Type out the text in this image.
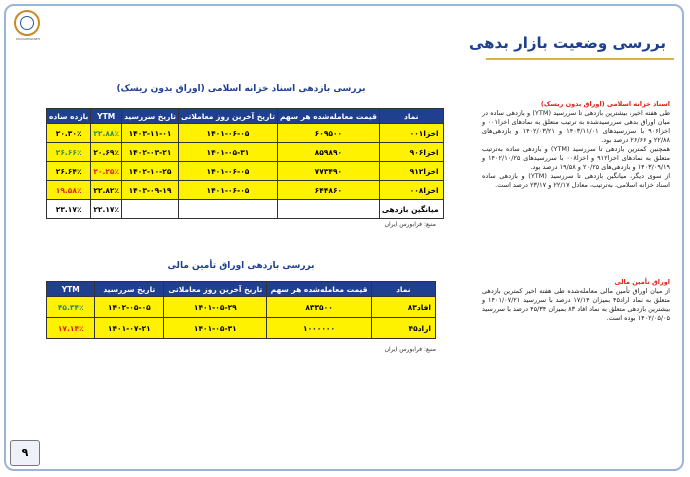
KHAVARMIANEH	بررسی وضعیت بازار بدهی
بررسی بازدهی اسناد خزانه اسلامی (اوراق بدون ریسک)
نماد	قیمت معامله‌شده هر سهم	تاریخ آخرین روز معاملاتی	تاریخ سررسید	YTM	بازده ساده
اخزا۰۰۱	۶۰۹۵۰۰	۱۴۰۱-۰۶-۰۵	۱۴۰۳-۱۱-۰۱	۲۲.۸۸٪	۲۰.۳۰٪
اخزا۹۰۶	۸۵۹۸۹۰	۱۴۰۱-۰۵-۳۱	۱۴۰۲-۰۳-۲۱	۲۰.۶۹٪	۲۶.۶۶٪
اخزا۹۱۲	۷۷۳۴۹۰	۱۴۰۱-۰۶-۰۵	۱۴۰۲-۱۰-۲۵	۲۰.۲۵٪	۲۶.۶۴٪
اخزا۰۰۸	۶۴۴۸۶۰	۱۴۰۱-۰۶-۰۵	۱۴۰۳-۰۹-۱۹	۲۲.۸۲٪	۱۹.۵۸٪
میانگین بازدهی				۲۲.۱۷٪	۲۳.۱۷٪
منبع: فرابورس ایران
بررسی بازدهی اوراق تأمین مالی
نماد	قیمت معامله‌شده هر سهم	تاریخ آخرین روز معاملاتی	تاریخ سررسید	YTM
افاد۸۳	۸۳۳۵۰۰	۱۴۰۱-۰۵-۲۹	۱۴۰۲-۰۵-۰۵	۴۵.۳۴٪
اراد۴۵	۱۰۰۰۰۰۰	۱۴۰۱-۰۵-۳۱	۱۴۰۱-۰۷-۲۱	۱۷.۱۴٪
منبع: فرابورس ایران
اسناد خزانه اسلامی (اوراق بدون ریسک)
طی هفته اخیر، بیشترین بازدهی تا سررسید (YTM) و بازدهی ساده در میان اوراق بدهی سررسیدشده به ترتیب متعلق به نمادهای اخزا۰۰۱ و اخزا۹۰۶ با سررسیدهای ۱۴۰۳/۱۱/۰۱ و ۱۴۰۲/۰۳/۲۱ و بازدهی‌های ۲۲/۸۸ و ۲۶/۶۶ درصد بود.
همچنین کمترین بازدهی تا سررسید (YTM) و بازدهی ساده به‌ترتیب متعلق به نمادهای اخزا۹۱۲ و اخزا۰۰۸ با سررسیدهای ۱۴۰۲/۱۰/۲۵ و ۱۴۰۳/۰۹/۱۹ و بازدهی‌های ۲۰/۲۵ و ۱۹/۵۸ درصد بود.
از سوی دیگر، میانگین بازدهی تا سررسید (YTM) و بازدهی ساده اسناد خزانه اسلامی، به‌ترتیب، معادل ۲۲/۱۷ و ۲۳/۱۷ درصد است.
اوراق تأمین مالی
از میان اوراق تأمین مالی معامله‌شده طی هفته اخیر کمترین بازدهی متعلق به نماد اراد۴۵ بمیزان ۱۷/۱۴ درصد با سررسید ۱۴۰۱/۰۷/۲۱ و بیشترین بازدهی متعلق به نماد افاد ۸۳ بمیزان ۴۵/۳۴ درصد با سررسید ۱۴۰۲/۰۵/۰۵ بوده است.
۹
